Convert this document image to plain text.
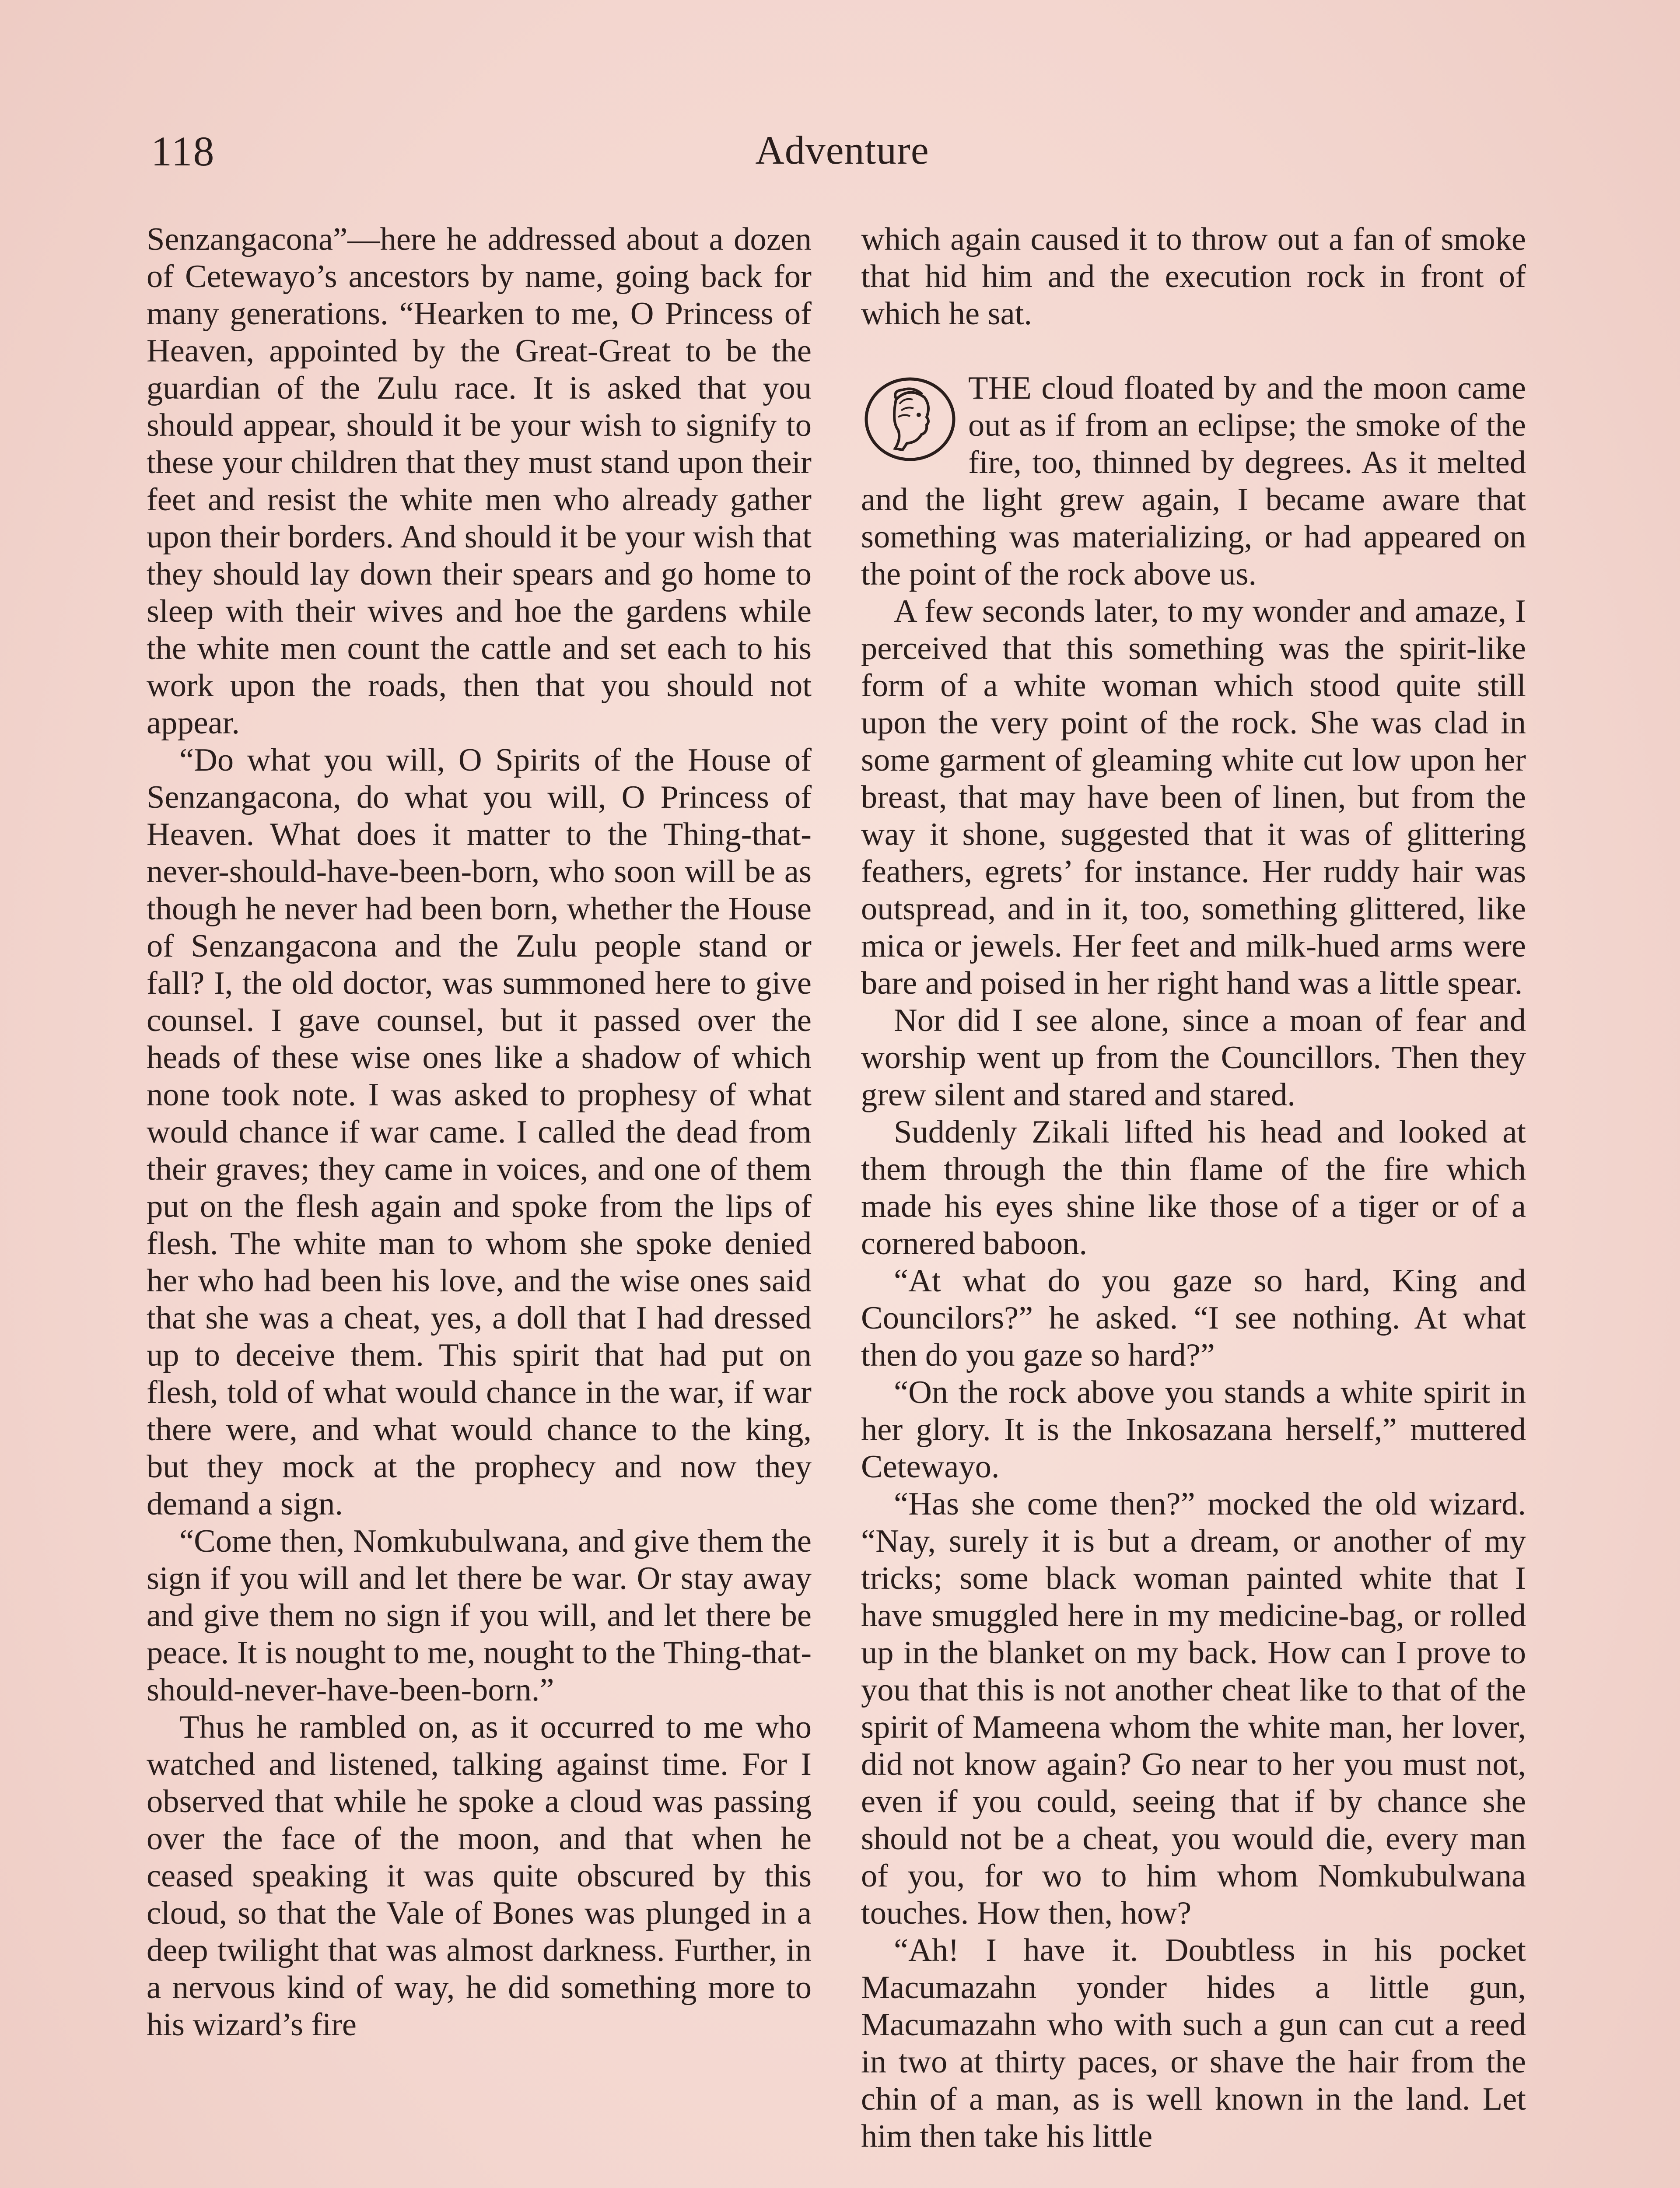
118	Adventure

Senzangacona”—here he addressed about a dozen of Cetewayo’s ancestors by name, going back for many generations. “Hearken to me, O Princess of Heaven, appointed by the Great-Great to be the guardian of the Zulu race. It is asked that you should appear, should it be your wish to signify to these your children that they must stand upon their feet and resist the white men who already gather upon their borders. And should it be your wish that they should lay down their spears and go home to sleep with their wives and hoe the gardens while the white men count the cattle and set each to his work upon the roads, then that you should not appear.

“Do what you will, O Spirits of the House of Senzangacona, do what you will, O Princess of Heaven. What does it matter to the Thing-that-never-should-have-been-born, who soon will be as though he never had been born, whether the House of Senzangacona and the Zulu people stand or fall? I, the old doctor, was summoned here to give counsel. I gave counsel, but it passed over the heads of these wise ones like a shadow of which none took note. I was asked to prophesy of what would chance if war came. I called the dead from their graves; they came in voices, and one of them put on the flesh again and spoke from the lips of flesh. The white man to whom she spoke denied her who had been his love, and the wise ones said that she was a cheat, yes, a doll that I had dressed up to deceive them. This spirit that had put on flesh, told of what would chance in the war, if war there were, and what would chance to the king, but they mock at the prophecy and now they demand a sign.

“Come then, Nomkubulwana, and give them the sign if you will and let there be war. Or stay away and give them no sign if you will, and let there be peace. It is nought to me, nought to the Thing-that-should-never-have-been-born.”

Thus he rambled on, as it occurred to me who watched and listened, talking against time. For I observed that while he spoke a cloud was passing over the face of the moon, and that when he ceased speaking it was quite obscured by this cloud, so that the Vale of Bones was plunged in a deep twilight that was almost darkness. Further, in a nervous kind of way, he did something more to his wizard’s fire

which again caused it to throw out a fan of smoke that hid him and the execution rock in front of which he sat.

THE cloud floated by and the moon came out as if from an eclipse; the smoke of the fire, too, thinned by degrees. As it melted and the light grew again, I became aware that something was materializing, or had appeared on the point of the rock above us.

A few seconds later, to my wonder and amaze, I perceived that this something was the spirit-like form of a white woman which stood quite still upon the very point of the rock. She was clad in some garment of gleaming white cut low upon her breast, that may have been of linen, but from the way it shone, suggested that it was of glittering feathers, egrets’ for instance. Her ruddy hair was outspread, and in it, too, something glittered, like mica or jewels. Her feet and milk-hued arms were bare and poised in her right hand was a little spear.

Nor did I see alone, since a moan of fear and worship went up from the Councillors. Then they grew silent and stared and stared.

Suddenly Zikali lifted his head and looked at them through the thin flame of the fire which made his eyes shine like those of a tiger or of a cornered baboon.

“At what do you gaze so hard, King and Councilors?” he asked. “I see nothing. At what then do you gaze so hard?”

“On the rock above you stands a white spirit in her glory. It is the Inkosazana herself,” muttered Cetewayo.

“Has she come then?” mocked the old wizard. “Nay, surely it is but a dream, or another of my tricks; some black woman painted white that I have smuggled here in my medicine-bag, or rolled up in the blanket on my back. How can I prove to you that this is not another cheat like to that of the spirit of Mameena whom the white man, her lover, did not know again? Go near to her you must not, even if you could, seeing that if by chance she should not be a cheat, you would die, every man of you, for wo to him whom Nomkubulwana touches. How then, how?

“Ah! I have it. Doubtless in his pocket Macumazahn yonder hides a little gun, Macumazahn who with such a gun can cut a reed in two at thirty paces, or shave the hair from the chin of a man, as is well known in the land. Let him then take his little
